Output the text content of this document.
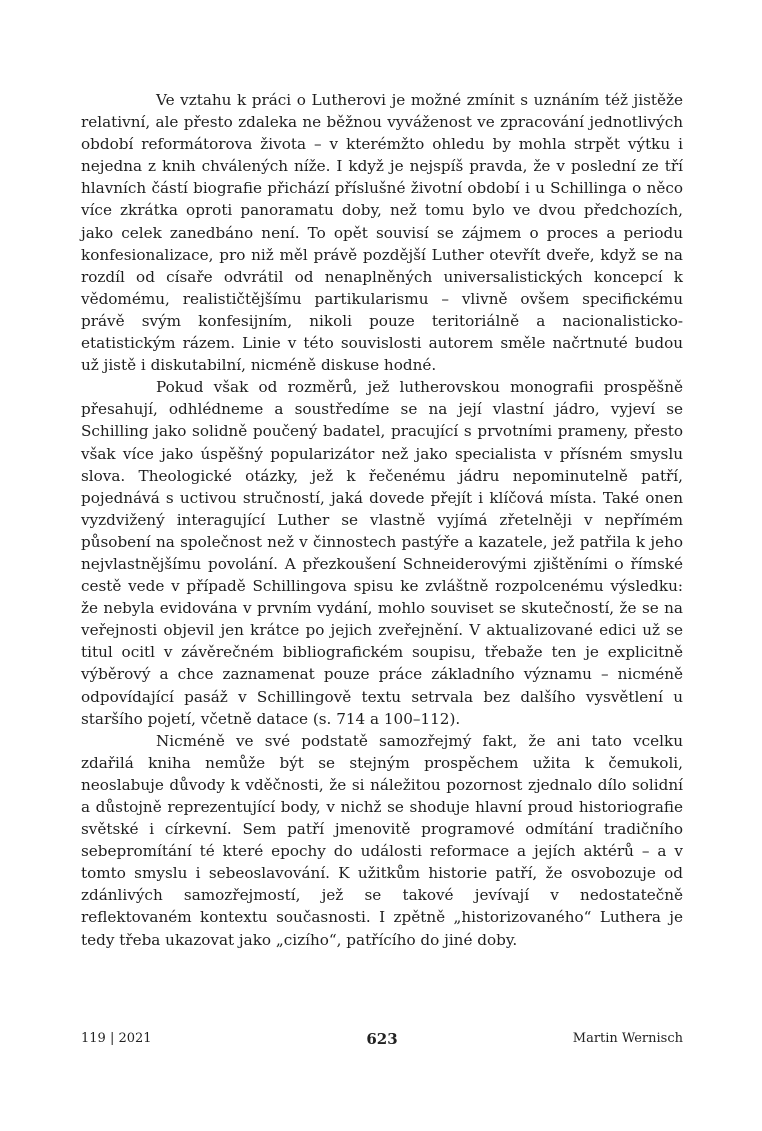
Ve vztahu k práci o Lutherovi je možné zmínit s uznáním též jistěže relativní, ale přesto zdaleka ne běžnou vyváženost ve zpracování jednotlivých období reformátorova života – v kterémžto ohledu by mohla strpět výtku i nejedna z knih chválených níže. I když je nejspíš pravda, že v poslední ze tří hlavních částí biografie přichází příslušné životní období i u Schillinga o něco více zkrátka oproti panoramatu doby, než tomu bylo ve dvou předchozích, jako celek zanedbáno není. To opět souvisí se zájmem o proces a periodu konfesionalizace, pro niž měl právě pozdější Luther otevřít dveře, když se na rozdíl od císaře odvrátil od nenaplněných universalistických koncepcí k vědomému, realističtějšímu partikularismu – vlivně ovšem specifickému právě svým konfesijním, nikoli pouze teritoriálně a nacionalisticko-etatistickým rázem. Linie v této souvislosti autorem směle načrtnuté budou už jistě i diskutabilní, nicméně diskuse hodné.

Pokud však od rozměrů, jež lutherovskou monografii prospěšně přesahují, odhlédneme a soustředíme se na její vlastní jádro, vyjeví se Schilling jako solidně poučený badatel, pracující s prvotními prameny, přesto však více jako úspěšný popularizátor než jako specialista v přísném smyslu slova. Theologické otázky, jež k řečenému jádru nepominutelně patří, pojednává s uctivou stručností, jaká dovede přejít i klíčová místa. Také onen vyzdvižený interagující Luther se vlastně vyjímá zřetelněji v nepřímém působení na společnost než v činnostech pastýře a kazatele, jež patřila k jeho nejvlastnějšímu povolání. A přezkoušení Schneiderovými zjištěními o římské cestě vede v případě Schillingova spisu ke zvláštně rozpolcenému výsledku: že nebyla evidována v prvním vydání, mohlo souviset se skutečností, že se na veřejnosti objevil jen krátce po jejich zveřejnění. V aktualizované edici už se titul ocitl v závěrečném bibliografickém soupisu, třebaže ten je explicitně výběrový a chce zaznamenat pouze práce základního významu – nicméně odpovídající pasáž v Schillingově textu setrvala bez dalšího vysvětlení u staršího pojetí, včetně datace (s. 714 a 100–112).

Nicméně ve své podstatě samozřejmý fakt, že ani tato vcelku zdařilá kniha nemůže být se stejným prospěchem užita k čemukoli, neoslabuje důvody k vděčnosti, že si náležitou pozornost zjednalo dílo solidní a důstojně reprezentující body, v nichž se shoduje hlavní proud historiografie světské i církevní. Sem patří jmenovitě programové odmítání tradičního sebepromítání té které epochy do události reformace a jejích aktérů – a v tomto smyslu i sebeoslavování. K užitkům historie patří, že osvobozuje od zdánlivých samozřejmostí, jež se takové jevívají v nedostatečně reflektovaném kontextu současnosti. I zpětně „historizovaného“ Luthera je tedy třeba ukazovat jako „cizího“, patřícího do jiné doby.

119 | 2021	623	Martin Wernisch
